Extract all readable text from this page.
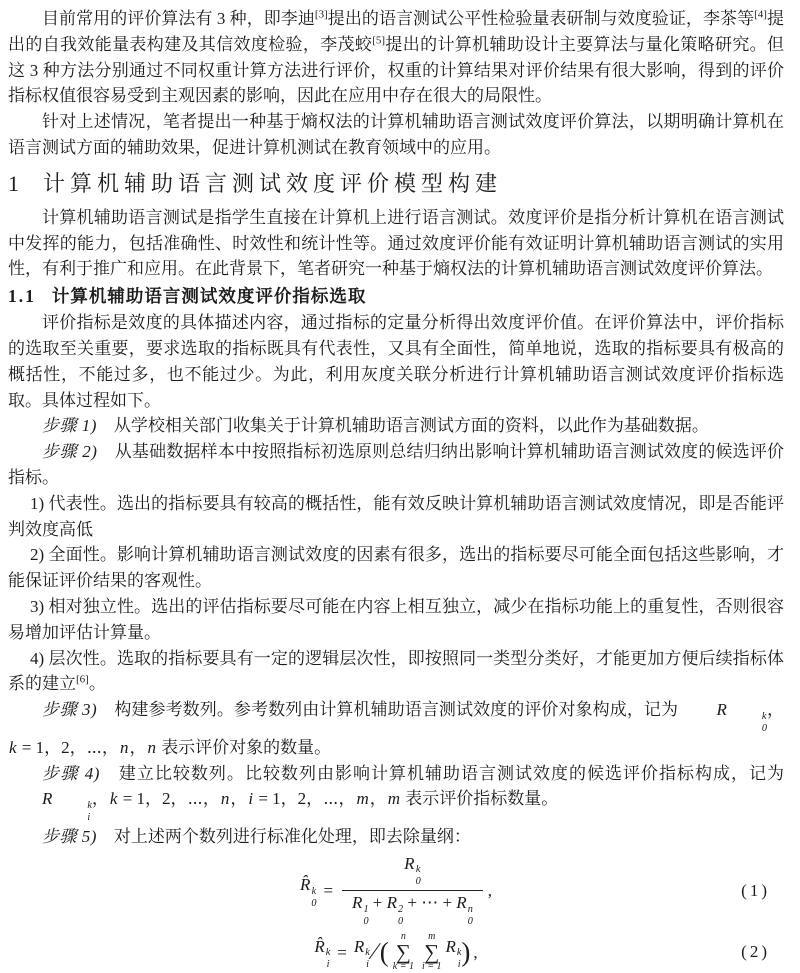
目前常用的评价算法有 3 种，即李迪[3]提出的语言测试公平性检验量表研制与效度验证，李茶等[4]提出的自我效能量表构建及其信效度检验，李茂蛟[5]提出的计算机辅助设计主要算法与量化策略研究。但这 3 种方法分别通过不同权重计算方法进行评价，权重的计算结果对评价结果有很大影响，得到的评价指标权值很容易受到主观因素的影响，因此在应用中存在很大的局限性。

针对上述情况，笔者提出一种基于熵权法的计算机辅助语言测试效度评价算法，以期明确计算机在语言测试方面的辅助效果，促进计算机测试在教育领域中的应用。

1 计算机辅助语言测试效度评价模型构建

计算机辅助语言测试是指学生直接在计算机上进行语言测试。效度评价是指分析计算机在语言测试中发挥的能力，包括准确性、时效性和统计性等。通过效度评价能有效证明计算机辅助语言测试的实用性，有利于推广和应用。在此背景下，笔者研究一种基于熵权法的计算机辅助语言测试效度评价算法。

1.1 计算机辅助语言测试效度评价指标选取

评价指标是效度的具体描述内容，通过指标的定量分析得出效度评价值。在评价算法中，评价指标的选取至关重要，要求选取的指标既具有代表性，又具有全面性，简单地说，选取的指标要具有极高的概括性，不能过多，也不能过少。为此，利用灰度关联分析进行计算机辅助语言测试效度评价指标选取。具体过程如下。

步骤 1)　从学校相关部门收集关于计算机辅助语言测试方面的资料，以此作为基础数据。

步骤 2)　从基础数据样本中按照指标初选原则总结归纳出影响计算机辅助语言测试效度的候选评价指标。

1) 代表性。选出的指标要具有较高的概括性，能有效反映计算机辅助语言测试效度情况，即是否能评判效度高低

2) 全面性。影响计算机辅助语言测试效度的因素有很多，选出的指标要尽可能全面包括这些影响，才能保证评价结果的客观性。

3) 相对独立性。选出的评估指标要尽可能在内容上相互独立，减少在指标功能上的重复性，否则很容易增加评估计算量。

4) 层次性。选取的指标要具有一定的逻辑层次性，即按照同一类型分类好，才能更加方便后续指标体系的建立[6]。

步骤 3)　构建参考数列。参考数列由计算机辅助语言测试效度的评价对象构成，记为 R	k
0
，k = 1，2，⋯，n，n 表示评价对象的数量。

步骤 4)　建立比较数列。比较数列由影响计算机辅助语言测试效度的候选评价指标构成，记为 R	k
i
，k = 1，2，⋯，n，i = 1，2，⋯，m，m 表示评价指标数量。

步骤 5)　对上述两个数列进行标准化处理，即去除量纲：

R̂ k
0
= R k
0
R 1
0
+ R 2
0
+ ⋯ + R n
0 ,	(1)
R̂ k
i
= R k
i
∕ (
n
∑
k = 1
m
∑
i = 1
R k
i ) ,	(2)
